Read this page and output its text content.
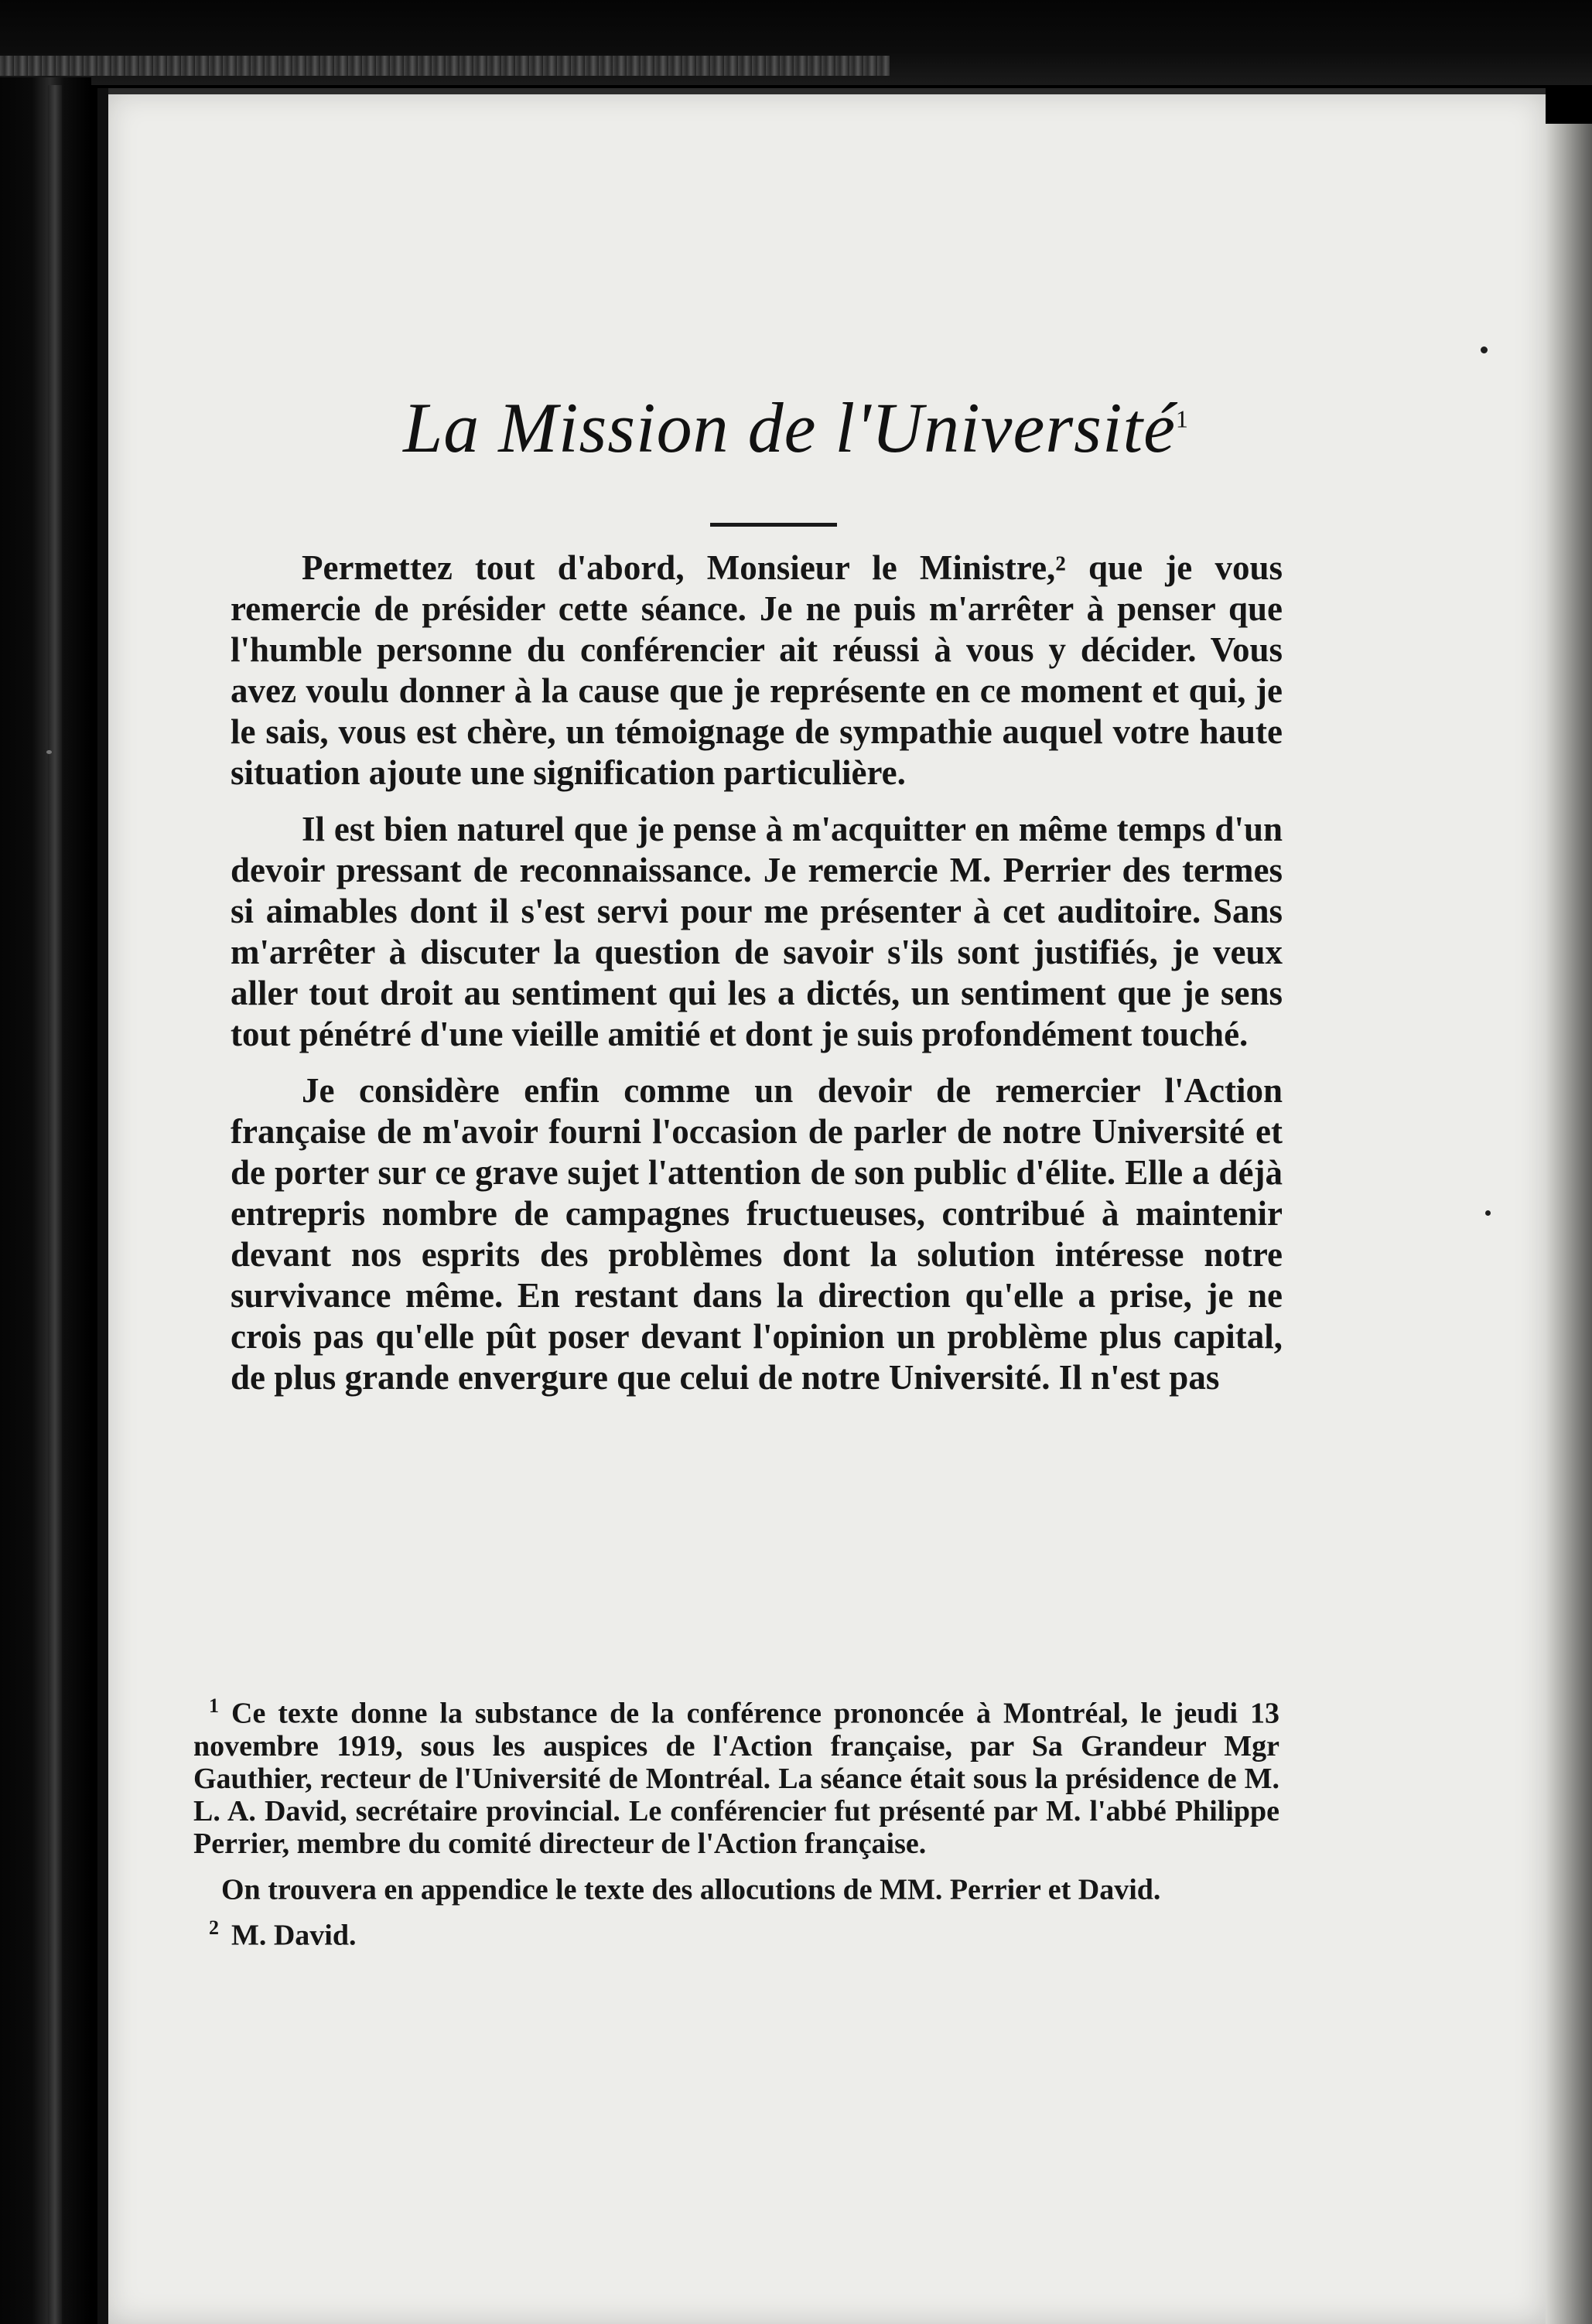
La Mission de l'Université$^1$

Permettez tout d'abord, Monsieur le Ministre,² que je vous remercie de présider cette séance. Je ne puis m'arrêter à penser que l'humble personne du conférencier ait réussi à vous y décider. Vous avez voulu donner à la cause que je représente en ce moment et qui, je le sais, vous est chère, un témoignage de sympathie auquel votre haute situation ajoute une signification particulière.

Il est bien naturel que je pense à m'acquitter en même temps d'un devoir pressant de reconnaissance. Je remercie M. Perrier des termes si aimables dont il s'est servi pour me présenter à cet auditoire. Sans m'arrêter à discuter la question de savoir s'ils sont justifiés, je veux aller tout droit au sentiment qui les a dictés, un sentiment que je sens tout pénétré d'une vieille amitié et dont je suis profondément touché.

Je considère enfin comme un devoir de remercier l'Action française de m'avoir fourni l'occasion de parler de notre Université et de porter sur ce grave sujet l'attention de son public d'élite. Elle a déjà entrepris nombre de campagnes fructueuses, contribué à maintenir devant nos esprits des problèmes dont la solution intéresse notre survivance même. En restant dans la direction qu'elle a prise, je ne crois pas qu'elle pût poser devant l'opinion un problème plus capital, de plus grande envergure que celui de notre Université. Il n'est pas

$^1$ Ce texte donne la substance de la conférence prononcée à Montréal, le jeudi 13 novembre 1919, sous les auspices de l'Action française, par Sa Grandeur Mgr Gauthier, recteur de l'Université de Montréal. La séance était sous la présidence de M. L. A. David, secrétaire provincial. Le conférencier fut présenté par M. l'abbé Philippe Perrier, membre du comité directeur de l'Action française.

On trouvera en appendice le texte des allocutions de MM. Perrier et David.

$^2$ M. David.
